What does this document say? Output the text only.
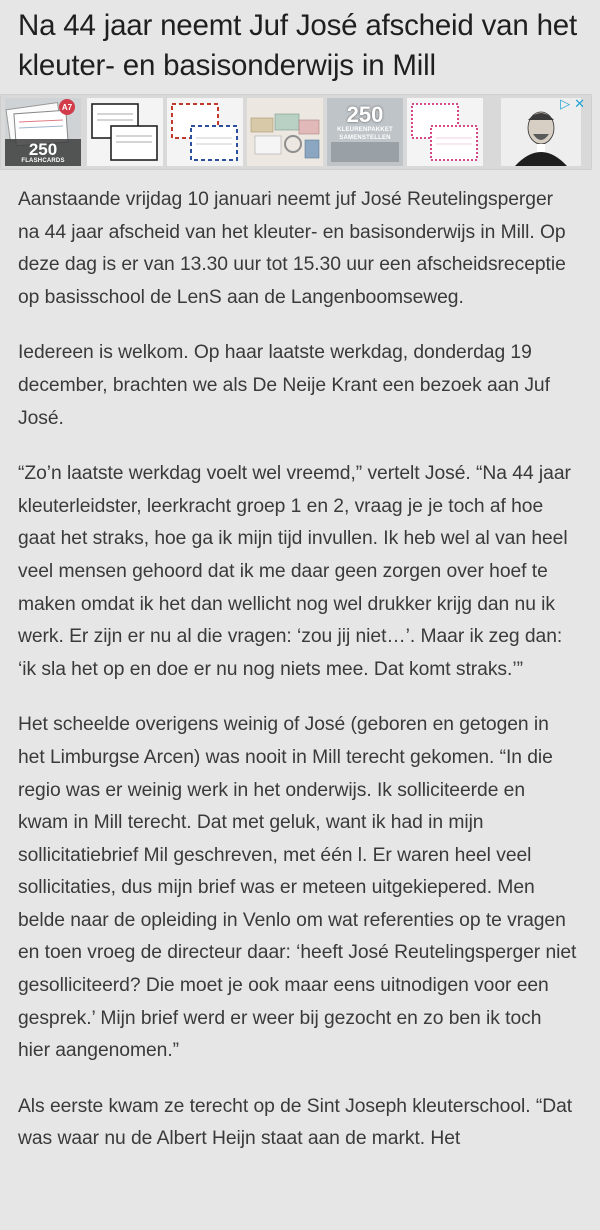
Na 44 jaar neemt Juf José afscheid van het kleuter- en basisonderwijs in Mill
A7
250
FLASHCARDS
250
KLEURENPAKKET
SAMENSTELLEN
▷ ✕

Aanstaande vrijdag 10 januari neemt juf José Reutelingsperger na 44 jaar afscheid van het kleuter- en basisonderwijs in Mill. Op deze dag is er van 13.30 uur tot 15.30 uur een afscheidsreceptie op basisschool de LenS aan de Langenboomseweg.

Iedereen is welkom. Op haar laatste werkdag, donderdag 19 december, brachten we als De Neije Krant een bezoek aan Juf José.

“Zo’n laatste werkdag voelt wel vreemd,” vertelt José. “Na 44 jaar kleuterleidster, leerkracht groep 1 en 2, vraag je je toch af hoe gaat het straks, hoe ga ik mijn tijd invullen. Ik heb wel al van heel veel mensen gehoord dat ik me daar geen zorgen over hoef te maken omdat ik het dan wellicht nog wel drukker krijg dan nu ik werk. Er zijn er nu al die vragen: ‘zou jij niet…’. Maar ik zeg dan: ‘ik sla het op en doe er nu nog niets mee. Dat komt straks.’”

Het scheelde overigens weinig of José (geboren en getogen in het Limburgse Arcen) was nooit in Mill terecht gekomen. “In die regio was er weinig werk in het onderwijs. Ik solliciteerde en kwam in Mill terecht. Dat met geluk, want ik had in mijn sollicitatiebrief Mil geschreven, met één l. Er waren heel veel sollicitaties, dus mijn brief was er meteen uitgekiepered. Men belde naar de opleiding in Venlo om wat referenties op te vragen en toen vroeg de directeur daar: ‘heeft José Reutelingsperger niet gesolliciteerd? Die moet je ook maar eens uitnodigen voor een gesprek.’ Mijn brief werd er weer bij gezocht en zo ben ik toch hier aangenomen.”

Als eerste kwam ze terecht op de Sint Joseph kleuterschool. “Dat was waar nu de Albert Heijn staat aan de markt. Het
